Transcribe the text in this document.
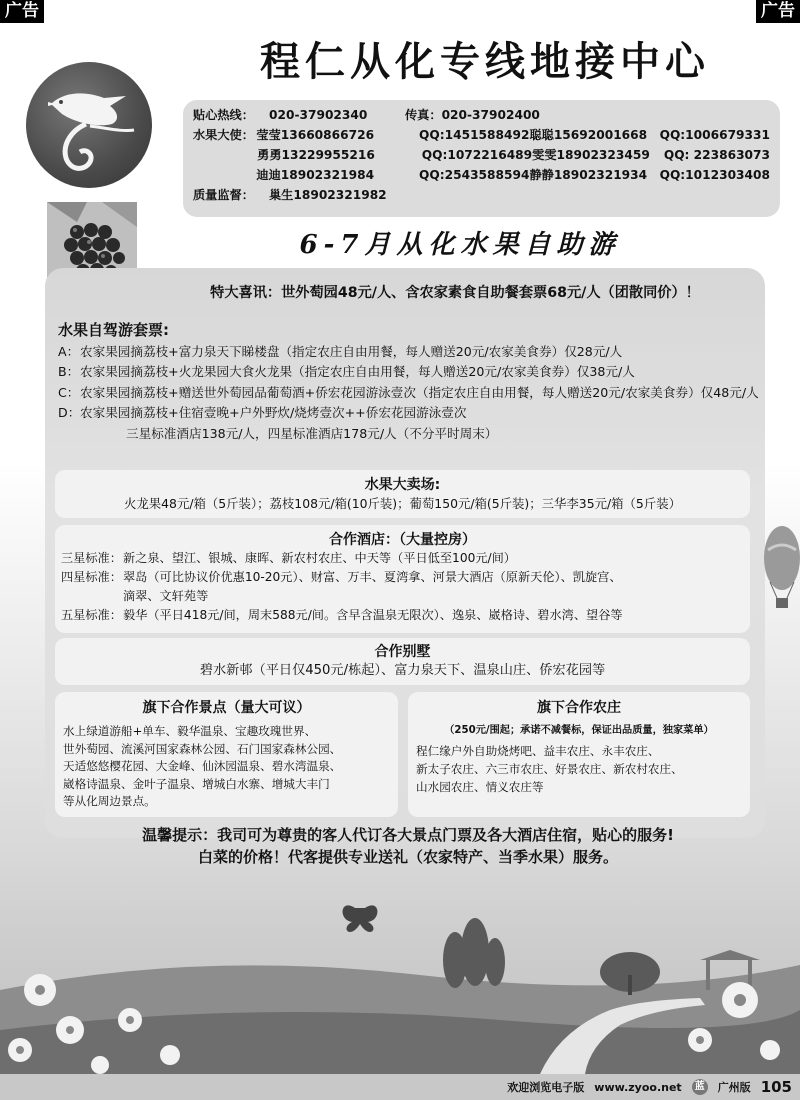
广告	广告
程仁从化专线地接中心
贴心热线：	020-37902340	传真： 020-37902400
水果大使： 莹莹13660866726	QQ:1451588492 聪聪15692001668	QQ:1006679331
勇勇13229955216	QQ:1072216489 雯雯18902323459	QQ: 223863073
迪迪18902321984	QQ:2543588594 静静18902321934	QQ:1012303408
质量监督：	巢生18902321982
6-7月从化水果自助游
特大喜讯：世外萄园48元/人、含农家素食自助餐套票68元/人（团散同价）！
水果自驾游套票:
A： 农家果园摘荔枝+富力泉天下睇楼盘（指定农庄自由用餐，每人赠送20元/农家美食券）仅28元/人
B： 农家果园摘荔枝+火龙果园大食火龙果（指定农庄自由用餐，每人赠送20元/农家美食券）仅38元/人
C： 农家果园摘荔枝+赠送世外萄园品葡萄酒+侨宏花园游泳壹次（指定农庄自由用餐，每人赠送20元/农家美食券）仅48元/人
D： 农家果园摘荔枝+住宿壹晚+户外野炊/烧烤壹次++侨宏花园游泳壹次
三星标准酒店138元/人，四星标准酒店178元/人（不分平时周末）
水果大卖场:
火龙果48元/箱（5斤装）；荔枝108元/箱(10斤装)；葡萄150元/箱(5斤装)；三华李35元/箱（5斤装）
合作酒店：（大量控房）
三星标准： 新之泉、望江、银城、康晖、新农村农庄、中天等（平日低至100元/间）
四星标准： 翠岛（可比协议价优惠10-20元）、财富、万丰、夏湾拿、河景大酒店（原新天伦）、凯旋宫、
滴翠、文轩苑等
五星标准： 毅华（平日418元/间，周末588元/间。含早含温泉无限次）、逸泉、崴格诗、碧水湾、望谷等
合作别墅
碧水新邨（平日仅450元/栋起）、富力泉天下、温泉山庄、侨宏花园等
旗下合作景点（量大可议）
水上绿道游船+单车、毅华温泉、宝趣玫瑰世界、
世外萄园、流溪河国家森林公园、石门国家森林公园、
天适悠悠樱花园、大金峰、仙沐园温泉、碧水湾温泉、
崴格诗温泉、金叶子温泉、增城白水寨、增城大丰门
等从化周边景点。
旗下合作农庄
（250元/围起；承诺不减餐标，保证出品质量，独家菜单）
程仁缘户外自助烧烤吧、益丰农庄、永丰农庄、
新太子农庄、六三市农庄、好景农庄、新农村农庄、
山水园农庄、情义农庄等
温馨提示：我司可为尊贵的客人代订各大景点门票及各大酒店住宿，贴心的服务!
白菜的价格！代客提供专业送礼（农家特产、当季水果）服务。
欢迎浏览电子版 www.zyoo.net	蓝 广州版 105
